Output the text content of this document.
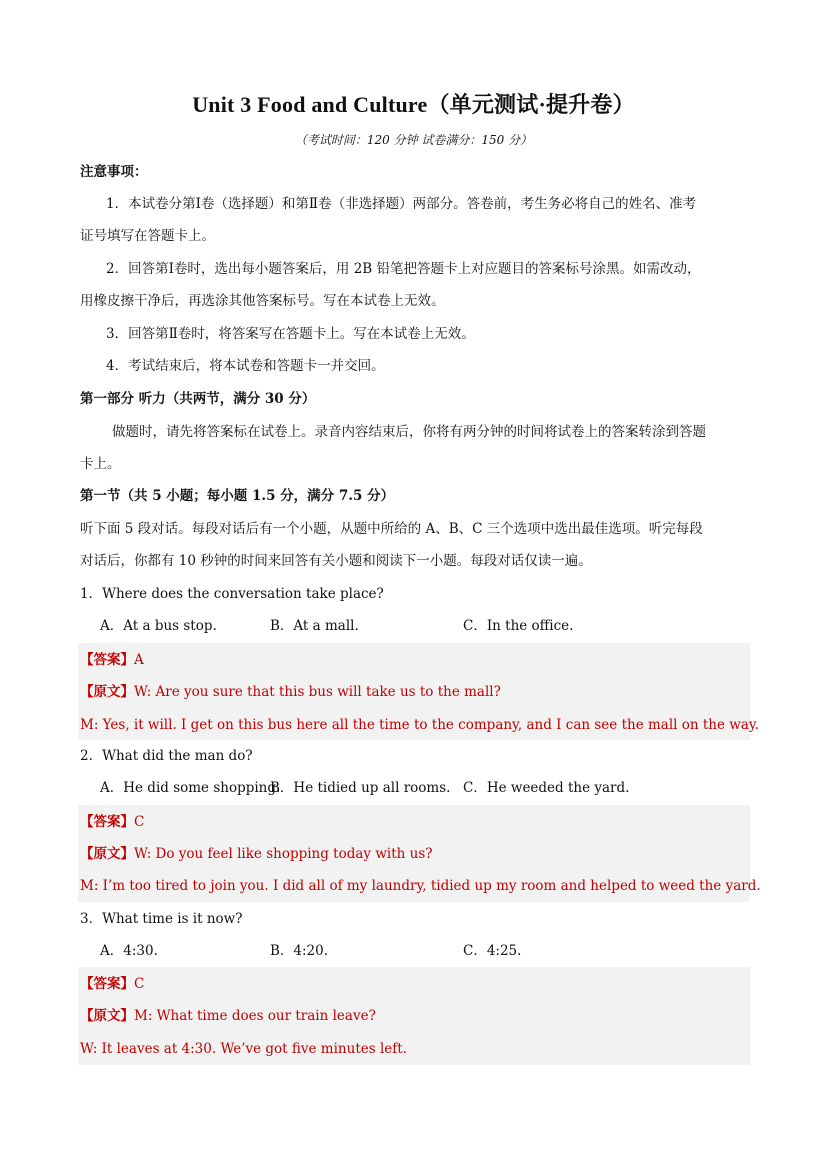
Unit 3 Food and Culture（单元测试·提升卷）
（考试时间：120 分钟 试卷满分：150 分）
注意事项：
1．本试卷分第Ⅰ卷（选择题）和第Ⅱ卷（非选择题）两部分。答卷前，考生务必将自己的姓名、准考
证号填写在答题卡上。
2．回答第Ⅰ卷时，选出每小题答案后，用 2B 铅笔把答题卡上对应题目的答案标号涂黑。如需改动，
用橡皮擦干净后，再选涂其他答案标号。写在本试卷上无效。
3．回答第Ⅱ卷时，将答案写在答题卡上。写在本试卷上无效。
4．考试结束后，将本试卷和答题卡一并交回。
第一部分 听力（共两节，满分 30 分）
做题时，请先将答案标在试卷上。录音内容结束后，你将有两分钟的时间将试卷上的答案转涂到答题
卡上。
第一节（共 5 小题；每小题 1.5 分，满分 7.5 分）
听下面 5 段对话。每段对话后有一个小题，从题中所给的 A、B、C 三个选项中选出最佳选项。听完每段
对话后，你都有 10 秒钟的时间来回答有关小题和阅读下一小题。每段对话仅读一遍。
1．Where does the conversation take place?
A．At a bus stop.	B．At a mall.	C．In the office.
【答案】A
【原文】W: Are you sure that this bus will take us to the mall?
M: Yes, it will. I get on this bus here all the time to the company, and I can see the mall on the way.
2．What did the man do?
A．He did some shopping.
B．He tidied up all rooms. C．He weeded the yard.
【答案】C
【原文】W: Do you feel like shopping today with us?
M: I’m too tired to join you. I did all of my laundry, tidied up my room and helped to weed the yard.
3．What time is it now?
A．4:30.	B．4:20.	C．4:25.
【答案】C
【原文】M: What time does our train leave?
W: It leaves at 4:30. We’ve got five minutes left.
